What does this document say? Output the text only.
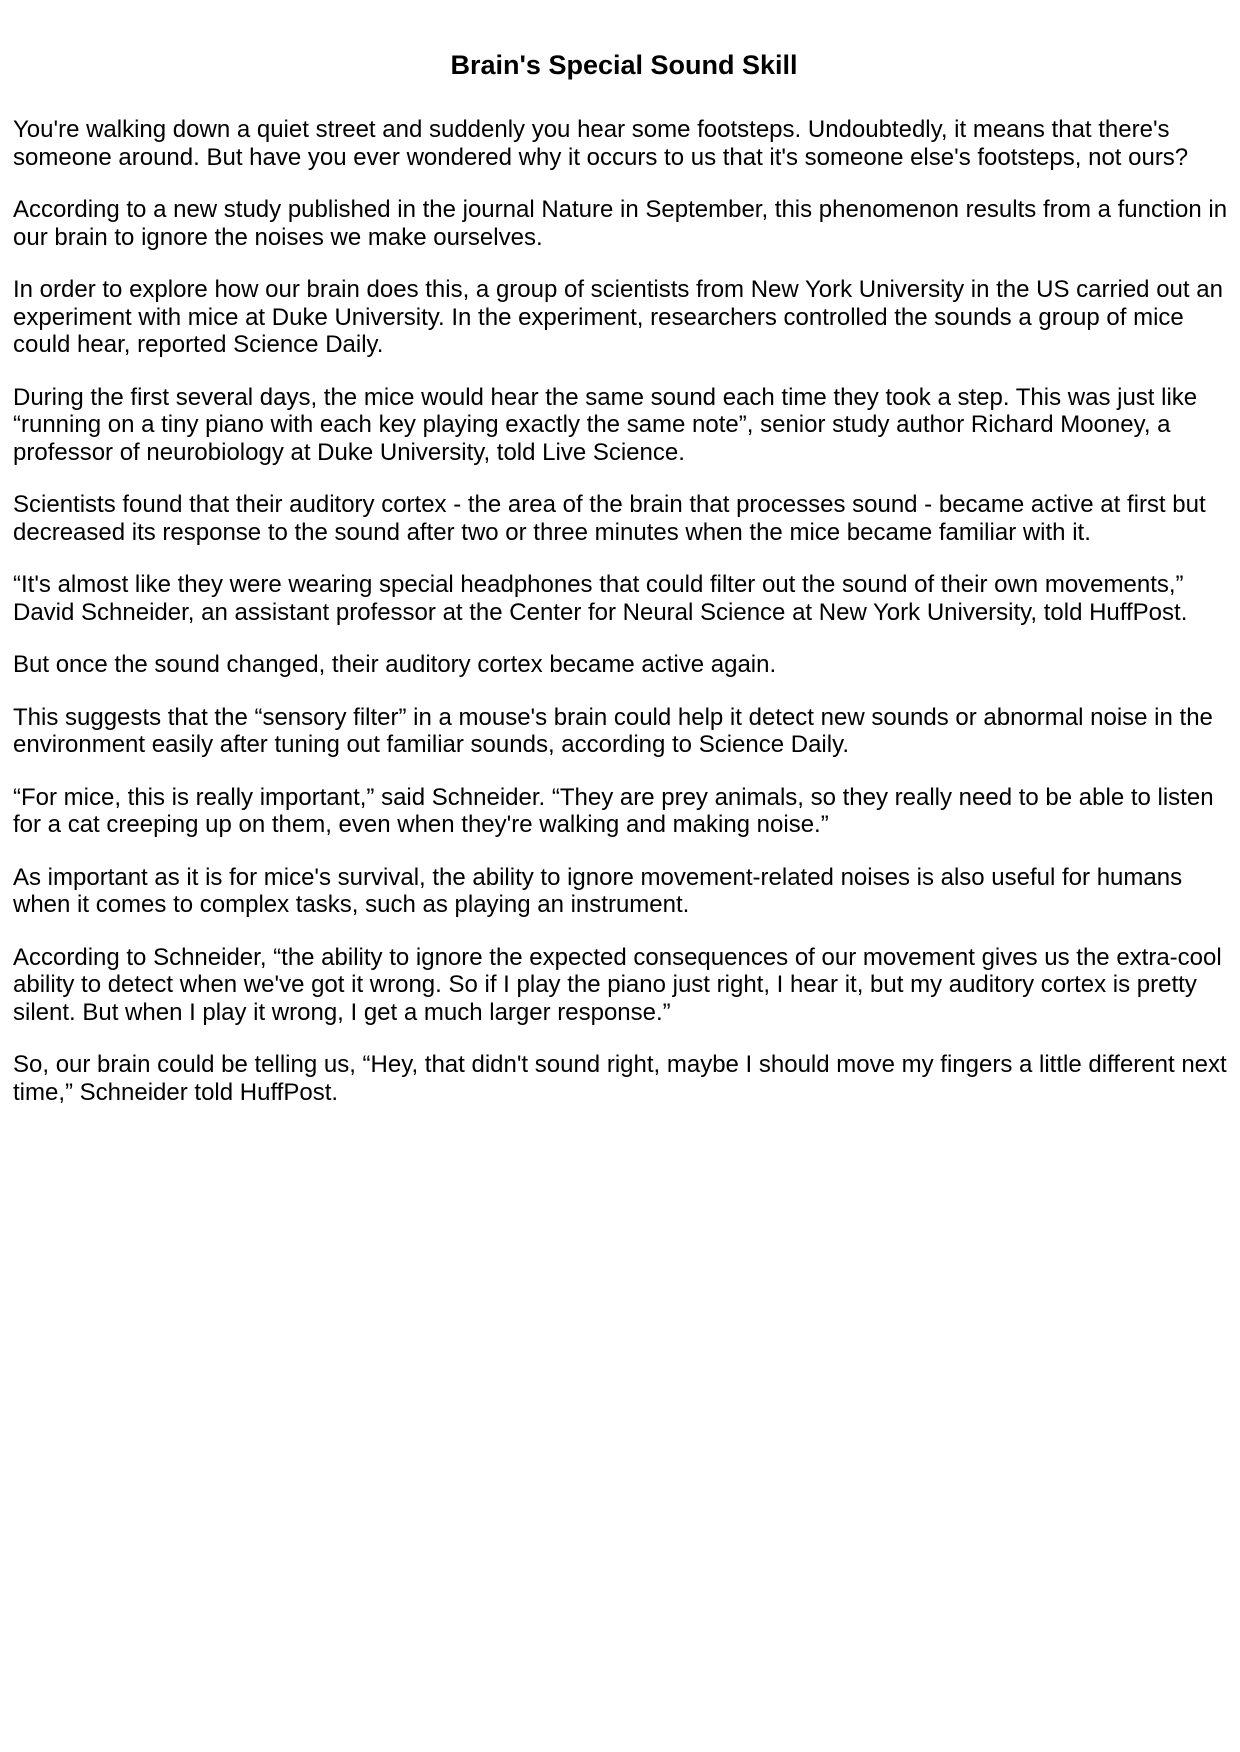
Brain's Special Sound Skill

You're walking down a quiet street and suddenly you hear some footsteps. Undoubtedly, it means that there's someone around. But have you ever wondered why it occurs to us that it's someone else's footsteps, not ours?

According to a new study published in the journal Nature in September, this phenomenon results from a function in our brain to ignore the noises we make ourselves.

In order to explore how our brain does this, a group of scientists from New York University in the US carried out an experiment with mice at Duke University. In the experiment, researchers controlled the sounds a group of mice could hear, reported Science Daily.

During the first several days, the mice would hear the same sound each time they took a step. This was just like “running on a tiny piano with each key playing exactly the same note”, senior study author Richard Mooney, a professor of neurobiology at Duke University, told Live Science.

Scientists found that their auditory cortex - the area of the brain that processes sound - became active at first but decreased its response to the sound after two or three minutes when the mice became familiar with it.

“It's almost like they were wearing special headphones that could filter out the sound of their own movements,” David Schneider, an assistant professor at the Center for Neural Science at New York University, told HuffPost.

But once the sound changed, their auditory cortex became active again.

This suggests that the “sensory filter” in a mouse's brain could help it detect new sounds or abnormal noise in the environment easily after tuning out familiar sounds, according to Science Daily.

“For mice, this is really important,” said Schneider. “They are prey animals, so they really need to be able to listen for a cat creeping up on them, even when they're walking and making noise.”

As important as it is for mice's survival, the ability to ignore movement-related noises is also useful for humans when it comes to complex tasks, such as playing an instrument.

According to Schneider, “the ability to ignore the expected consequences of our movement gives us the extra-cool ability to detect when we've got it wrong. So if I play the piano just right, I hear it, but my auditory cortex is pretty silent. But when I play it wrong, I get a much larger response.”

So, our brain could be telling us, “Hey, that didn't sound right, maybe I should move my fingers a little different next time,” Schneider told HuffPost.
